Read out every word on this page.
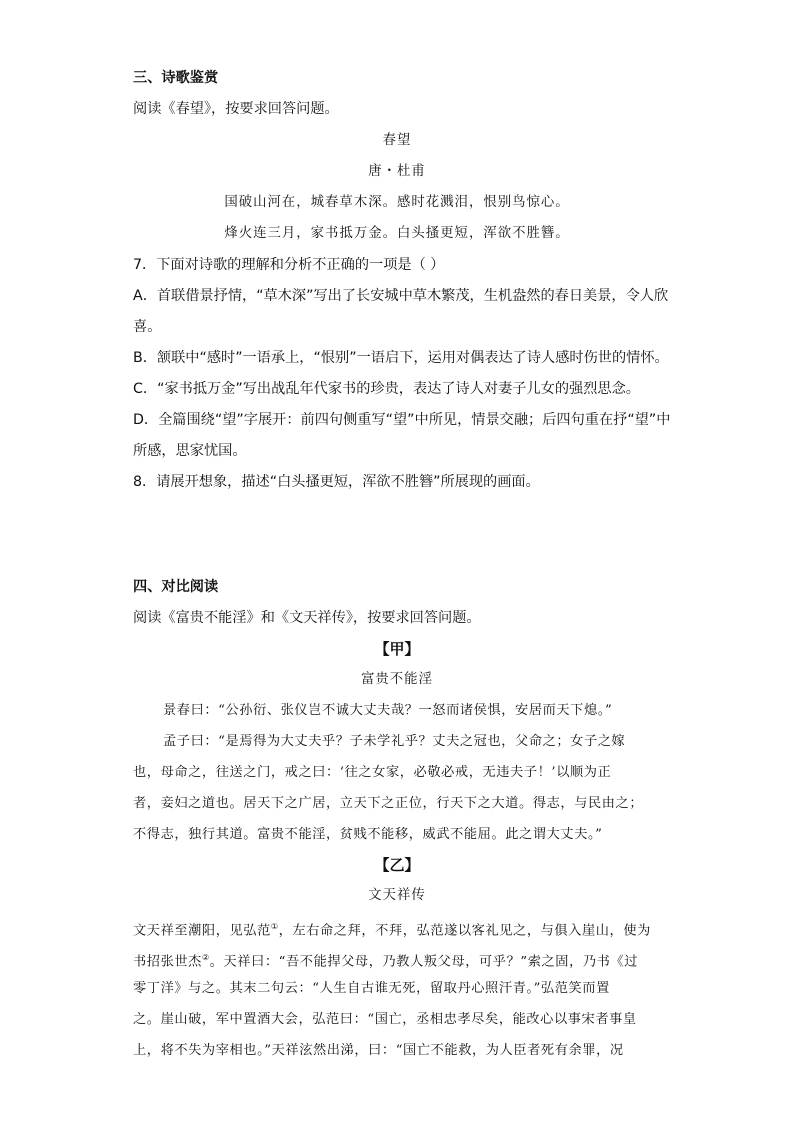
三、诗歌鉴赏
阅读《春望》，按要求回答问题。
春望
唐・杜甫
国破山河在，城春草木深。感时花溅泪，恨别鸟惊心。
烽火连三月，家书抵万金。白头搔更短，浑欲不胜簪。
7．下面对诗歌的理解和分析不正确的一项是（ ）
A．首联借景抒情，“草木深”写出了长安城中草木繁茂，生机盎然的春日美景，令人欣
喜。
B．颔联中“感时”一语承上，“恨别”一语启下，运用对偶表达了诗人感时伤世的情怀。
C．“家书抵万金”写出战乱年代家书的珍贵，表达了诗人对妻子儿女的强烈思念。
D．全篇围绕“望”字展开：前四句侧重写“望”中所见，情景交融；后四句重在抒“望”中
所感，思家忧国。
8．请展开想象，描述“白头搔更短，浑欲不胜簪”所展现的画面。
四、对比阅读
阅读《富贵不能淫》和《文天祥传》，按要求回答问题。
【甲】
富贵不能淫
景春曰：“公孙衍、张仪岂不诚大丈夫哉？一怒而诸侯惧，安居而天下熄。”
孟子曰：“是焉得为大丈夫乎？子未学礼乎？丈夫之冠也，父命之；女子之嫁
也，母命之，往送之门，戒之曰：‘往之女家，必敬必戒，无违夫子！’以顺为正
者，妾妇之道也。居天下之广居，立天下之正位，行天下之大道。得志，与民由之；
不得志，独行其道。富贵不能淫，贫贱不能移，威武不能屈。此之谓大丈夫。”
【乙】
文天祥传
文天祥至潮阳，见弘范①，左右命之拜，不拜，弘范遂以客礼见之，与俱入崖山，使为
书招张世杰②。天祥曰：“吾不能捍父母，乃教人叛父母，可乎？”索之固，乃书《过
零丁洋》与之。其末二句云：“人生自古谁无死，留取丹心照汗青。”弘范笑而置
之。崖山破，军中置酒大会，弘范曰：“国亡，丞相忠孝尽矣，能改心以事宋者事皇
上，将不失为宰相也。”天祥泫然出涕，曰：“国亡不能救，为人臣者死有余罪，况
